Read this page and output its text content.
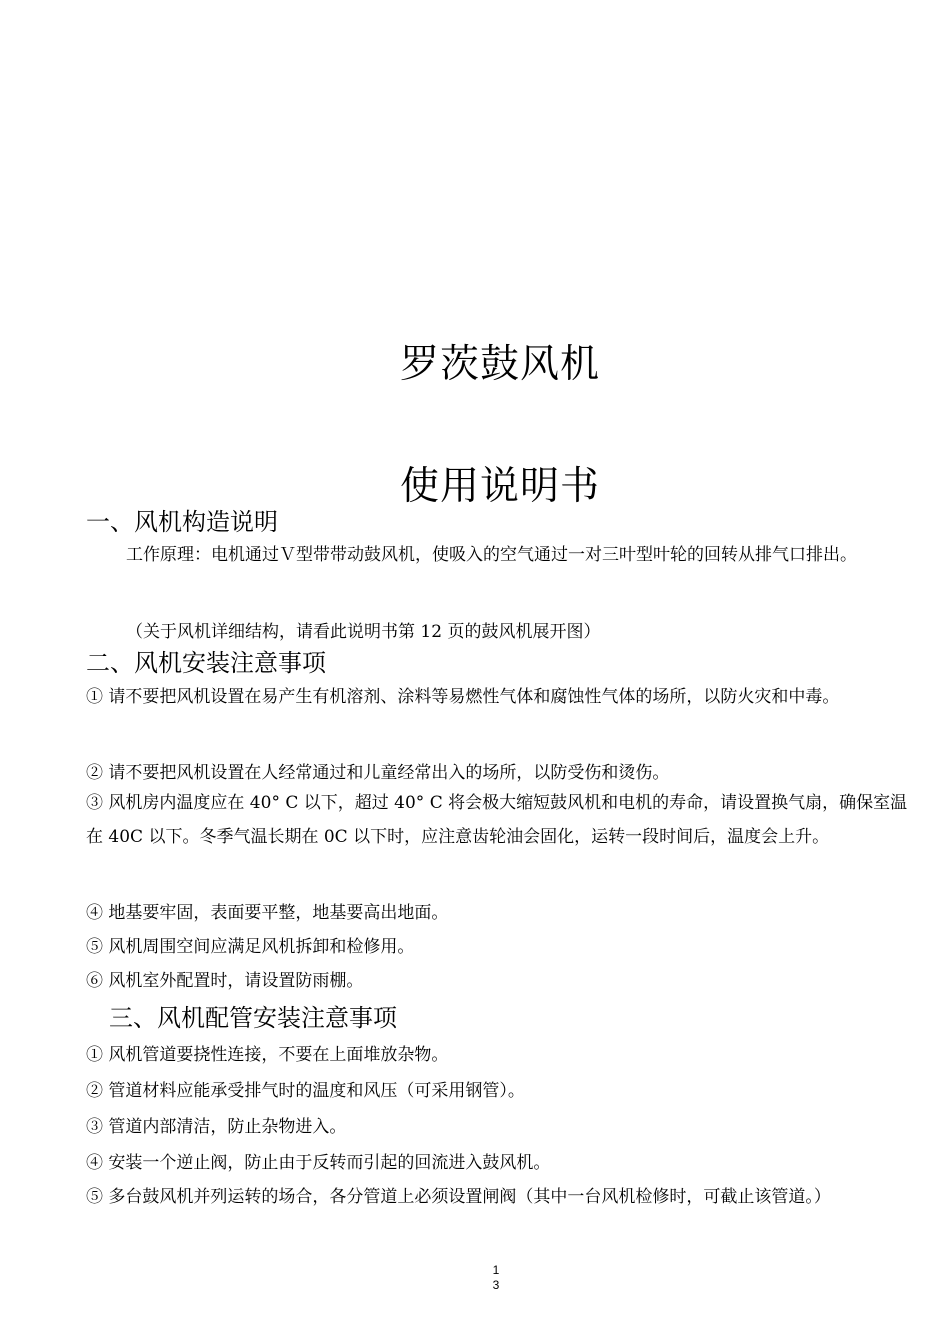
罗茨鼓风机
使用说明书
一、风机构造说明
工作原理：电机通过Ｖ型带带动鼓风机，使吸入的空气通过一对三叶型叶轮的回转从排气口排出。
（关于风机详细结构，请看此说明书第 12 页的鼓风机展开图）
二、风机安装注意事项
① 请不要把风机设置在易产生有机溶剂、涂料等易燃性气体和腐蚀性气体的场所，以防火灾和中毒。
② 请不要把风机设置在人经常通过和儿童经常出入的场所，以防受伤和烫伤。
③ 风机房内温度应在 40° C 以下，超过 40° C 将会极大缩短鼓风机和电机的寿命，请设置换气扇，确保室温在 40C 以下。冬季气温长期在 0C 以下时，应注意齿轮油会固化，运转一段时间后，温度会上升。
④ 地基要牢固，表面要平整，地基要高出地面。
⑤ 风机周围空间应满足风机拆卸和检修用。
⑥ 风机室外配置时，请设置防雨棚。
三、风机配管安装注意事项
① 风机管道要挠性连接，不要在上面堆放杂物。
② 管道材料应能承受排气时的温度和风压（可采用钢管）。
③ 管道内部清洁，防止杂物进入。
④ 安装一个逆止阀，防止由于反转而引起的回流进入鼓风机。
⑤ 多台鼓风机并列运转的场合，各分管道上必须设置闸阀（其中一台风机检修时，可截止该管道。）
1
3
